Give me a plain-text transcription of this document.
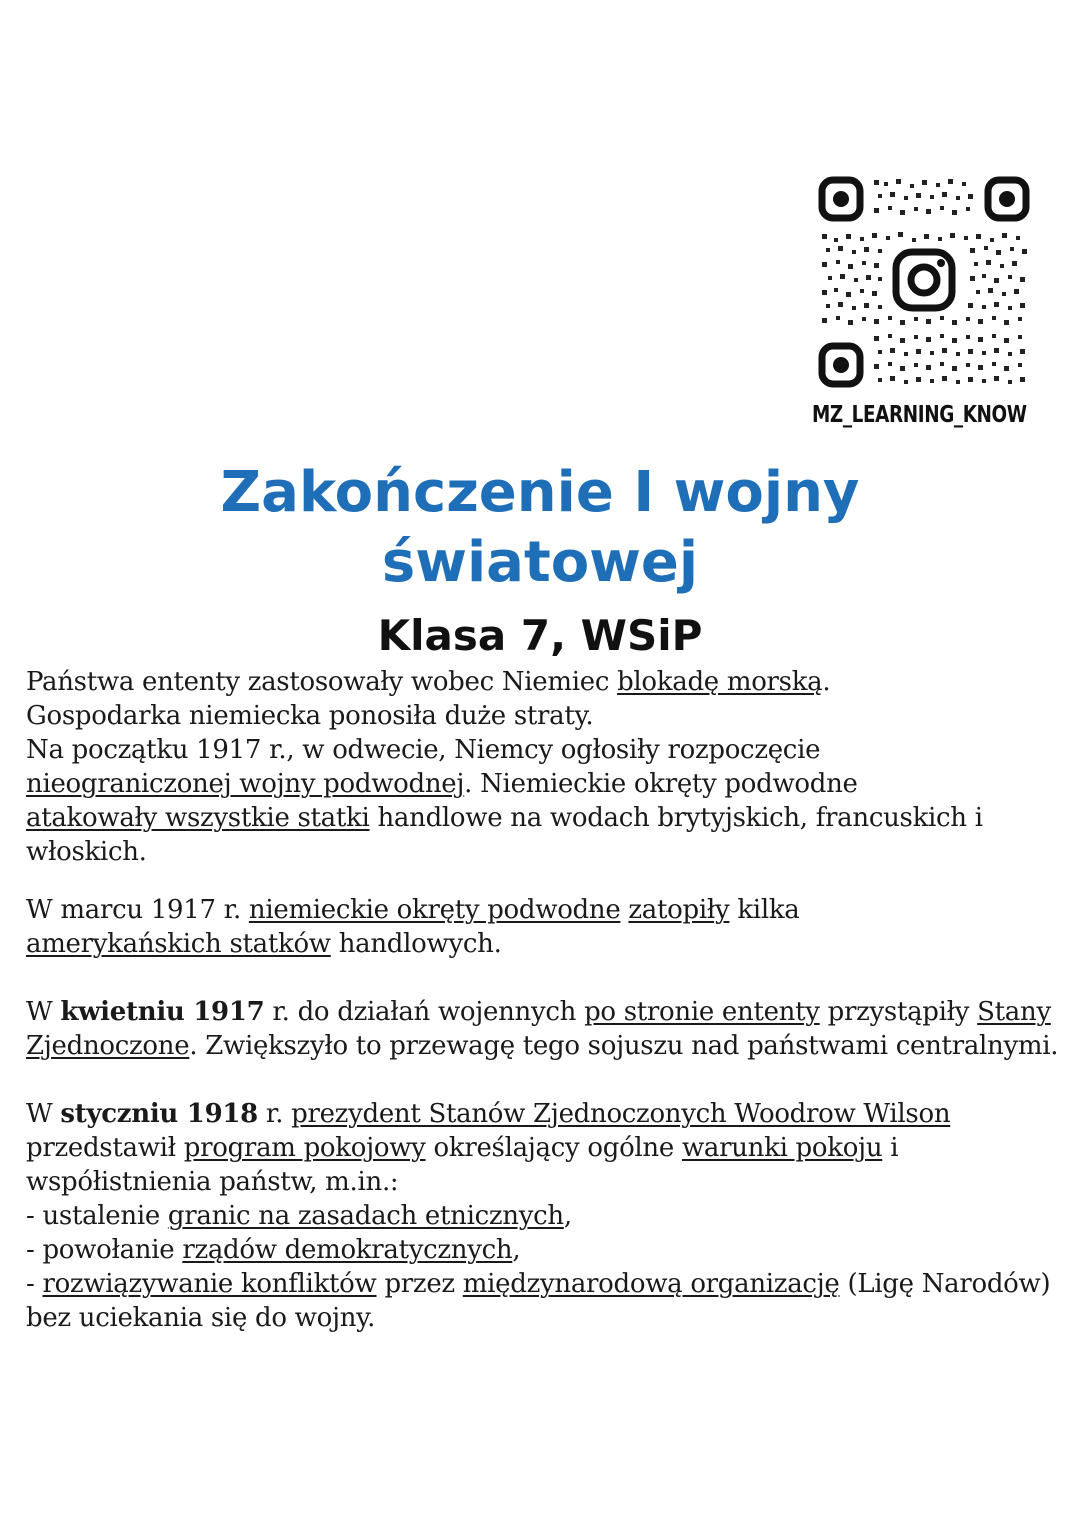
MZ_LEARNING_KNOW
Zakończenie I wojny
światowej
Klasa 7, WSiP

Państwa ententy zastosowały wobec Niemiec blokadę morską.
Gospodarka niemiecka ponosiła duże straty.
Na początku 1917 r., w odwecie, Niemcy ogłosiły rozpoczęcie
nieograniczonej wojny podwodnej. Niemieckie okręty podwodne
atakowały wszystkie statki handlowe na wodach brytyjskich, francuskich i włoskich.

W marcu 1917 r. niemieckie okręty podwodne zatopiły kilka
amerykańskich statków handlowych.

W kwietniu 1917 r. do działań wojennych po stronie ententy przystąpiły Stany Zjednoczone. Zwiększyło to przewagę tego sojuszu nad państwami centralnymi.

W styczniu 1918 r. prezydent Stanów Zjednoczonych Woodrow Wilson przedstawił program pokojowy określający ogólne warunki pokoju i współistnienia państw, m.in.:
- ustalenie granic na zasadach etnicznych,
- powołanie rządów demokratycznych,
- rozwiązywanie konfliktów przez międzynarodową organizację (Ligę Narodów) bez uciekania się do wojny.
